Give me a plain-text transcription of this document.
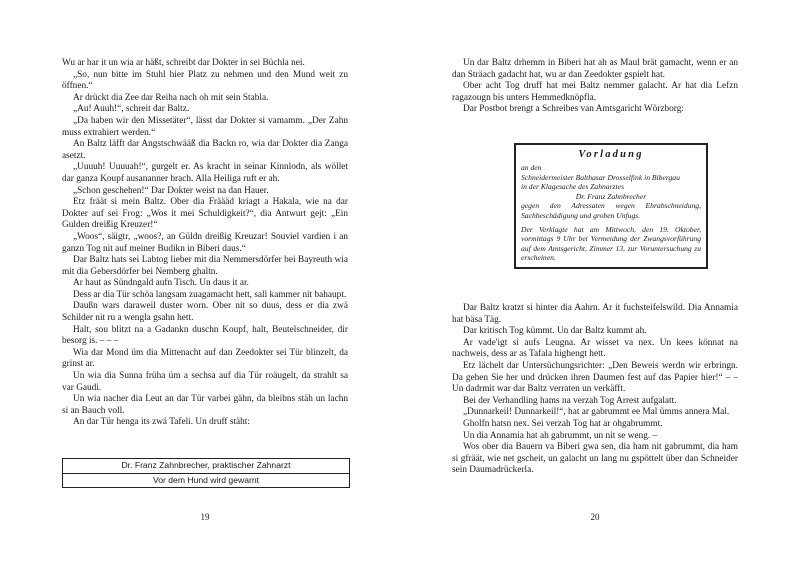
Wu ar har it un wia ar häßt, schreibt dar Dokter in sei Büchla nei.

„So, nun bitte im Stuhl hier Platz zu nehmen und den Mund weit zu öffnen.“

Ar drückt dia Zee dar Reiha nach oh mit sein Stabla.

„Au! Auuh!“, schreit dar Baltz.

„Da haben wir den Missetäter“, lässt dar Dokter si vamamm. „Der Zahn muss extrahiert werden.“

An Baltz läfft dar Angstschwääß dia Backn ro, wia dar Dokter dia Zanga asetzt.

„Uuuuh! Uuuuah!“, gurgelt er. As kracht in seinar Kinnlodn, als wöllet dar ganza Koupf ausananner brach. Alla Heiliga ruft er ah.

„Schon geschehen!“ Dar Dokter weist na dan Hauer.

Etz fräät si mein Baltz. Ober dia Fräääd kriagt a Hakala, wie na dar Dokter auf sei Frog: „Wos it mei Schuldigkeit?“, dia Antwurt gejt: „Ein Gulden dreißig Kreuzer!“

„Woos“, säigtr, „woos?, an Güldn dreißig Kreuzar! Souviel vardien i an ganzn Tog nit auf meiner Budikn in Biberi daus.“

Dar Baltz hats sei Labtog lieber mit dia Nemmersdörfer bei Bayreuth wia mit dia Gebersdörfer bei Nemberg ghaltn.

Ar haut as Sündngald aufn Tisch. Un daus it ar.

Dess ar dia Tür schöa langsam zuagamacht hett, sall kammer nit bahaupt.

Daußn wars daraweil duster worn. Ober nit so duus, dess er dia zwä Schilder nit ru a wengla gsahn hett.

Halt, sou blitzt na a Gadankn duschn Koupf, halt, Beutelschneider, dir besorg is. – – –

Wia dar Mond üm dia Mittenacht auf dan Zeedokter sei Tür blinzelt, da grinst ar.

Un wia dia Sunna früha üm a sechsa auf dia Tür roäugelt, da strahlt sa var Gaudi.

Un wia nacher dia Leut an dar Tür varbei gähn, da bleibns stäh un lachn si an Bauch voll.

An dar Tür henga its zwä Tafeli. Un druff stäht:

Dr. Franz Zahnbrecher, praktischer Zahnarzt
Vor dem Hund wird gewarnt
19

Un dar Baltz drhemm in Biberi hat ah as Maul brät gamacht, wenn er an dan Sträach gadacht hat, wu ar dan Zeedokter gspielt hat.

Ober acht Tog druff hat mei Baltz nemmer galacht. Ar hat dia Lefzn ragazougn bis unters Hemmedknöpfla.

Dar Postbot brengt a Schreibes van Amtsgaricht Wörzborg:

Vorladung

an den

Schneidermeister Balthasar Drosselfink in Bibergau

in der Klagesache des Zahnarztes

Dr. Franz Zahnbrecher

gegen den Adressaten wegen Ehrabschneidung, Sachbeschädigung und groben Unfugs.

Der Verklagte hat am Mittwoch, den 19. Oktober, vormittags 9 Uhr bei Vermeidung der Zwangsvorführung auf dem Amtsgericht, Zimmer 13, zur Voruntersuchung zu erscheinen.

Dar Baltz kratzt si hinter dia Aahrn. Ar it fuchsteifelswild. Dia Annamia hat bäsa Täg.

Dar kritisch Tog kümmt. Un dar Baltz kummt ah.

Ar vade'igt si aufs Leugna. Ar wisset va nex. Un kees könnat na nachweis, dess ar as Tafala highengt hett.

Etz lächelt dar Untersüchungsrichter: „Den Beweis werdn wir erbringn. Da gehen Sie her und drücken ihren Daumen fest auf das Papier hier!“ – – Un dadrmit war dar Baltz verraten un verkäfft.

Bei der Verhandling hams na verzah Tog Arrest aufgalatt.

„Dunnarkeil! Dunnarkeil!“, hat ar gabrummt ee Mal ümms annera Mal.

Gholfn hatsn nex. Sei verzah Tog hat ar ohgabrummt.

Un dia Annamia hat ah gabrummt, un nit se weng. –

Wos ober dia Bauern va Biberi gwa sen, dia ham nit gabrummt, dia ham si gfräät, wie net gscheit, un galacht un lang nu gspöttelt über dan Schneider sein Daumadrückerla.

20
